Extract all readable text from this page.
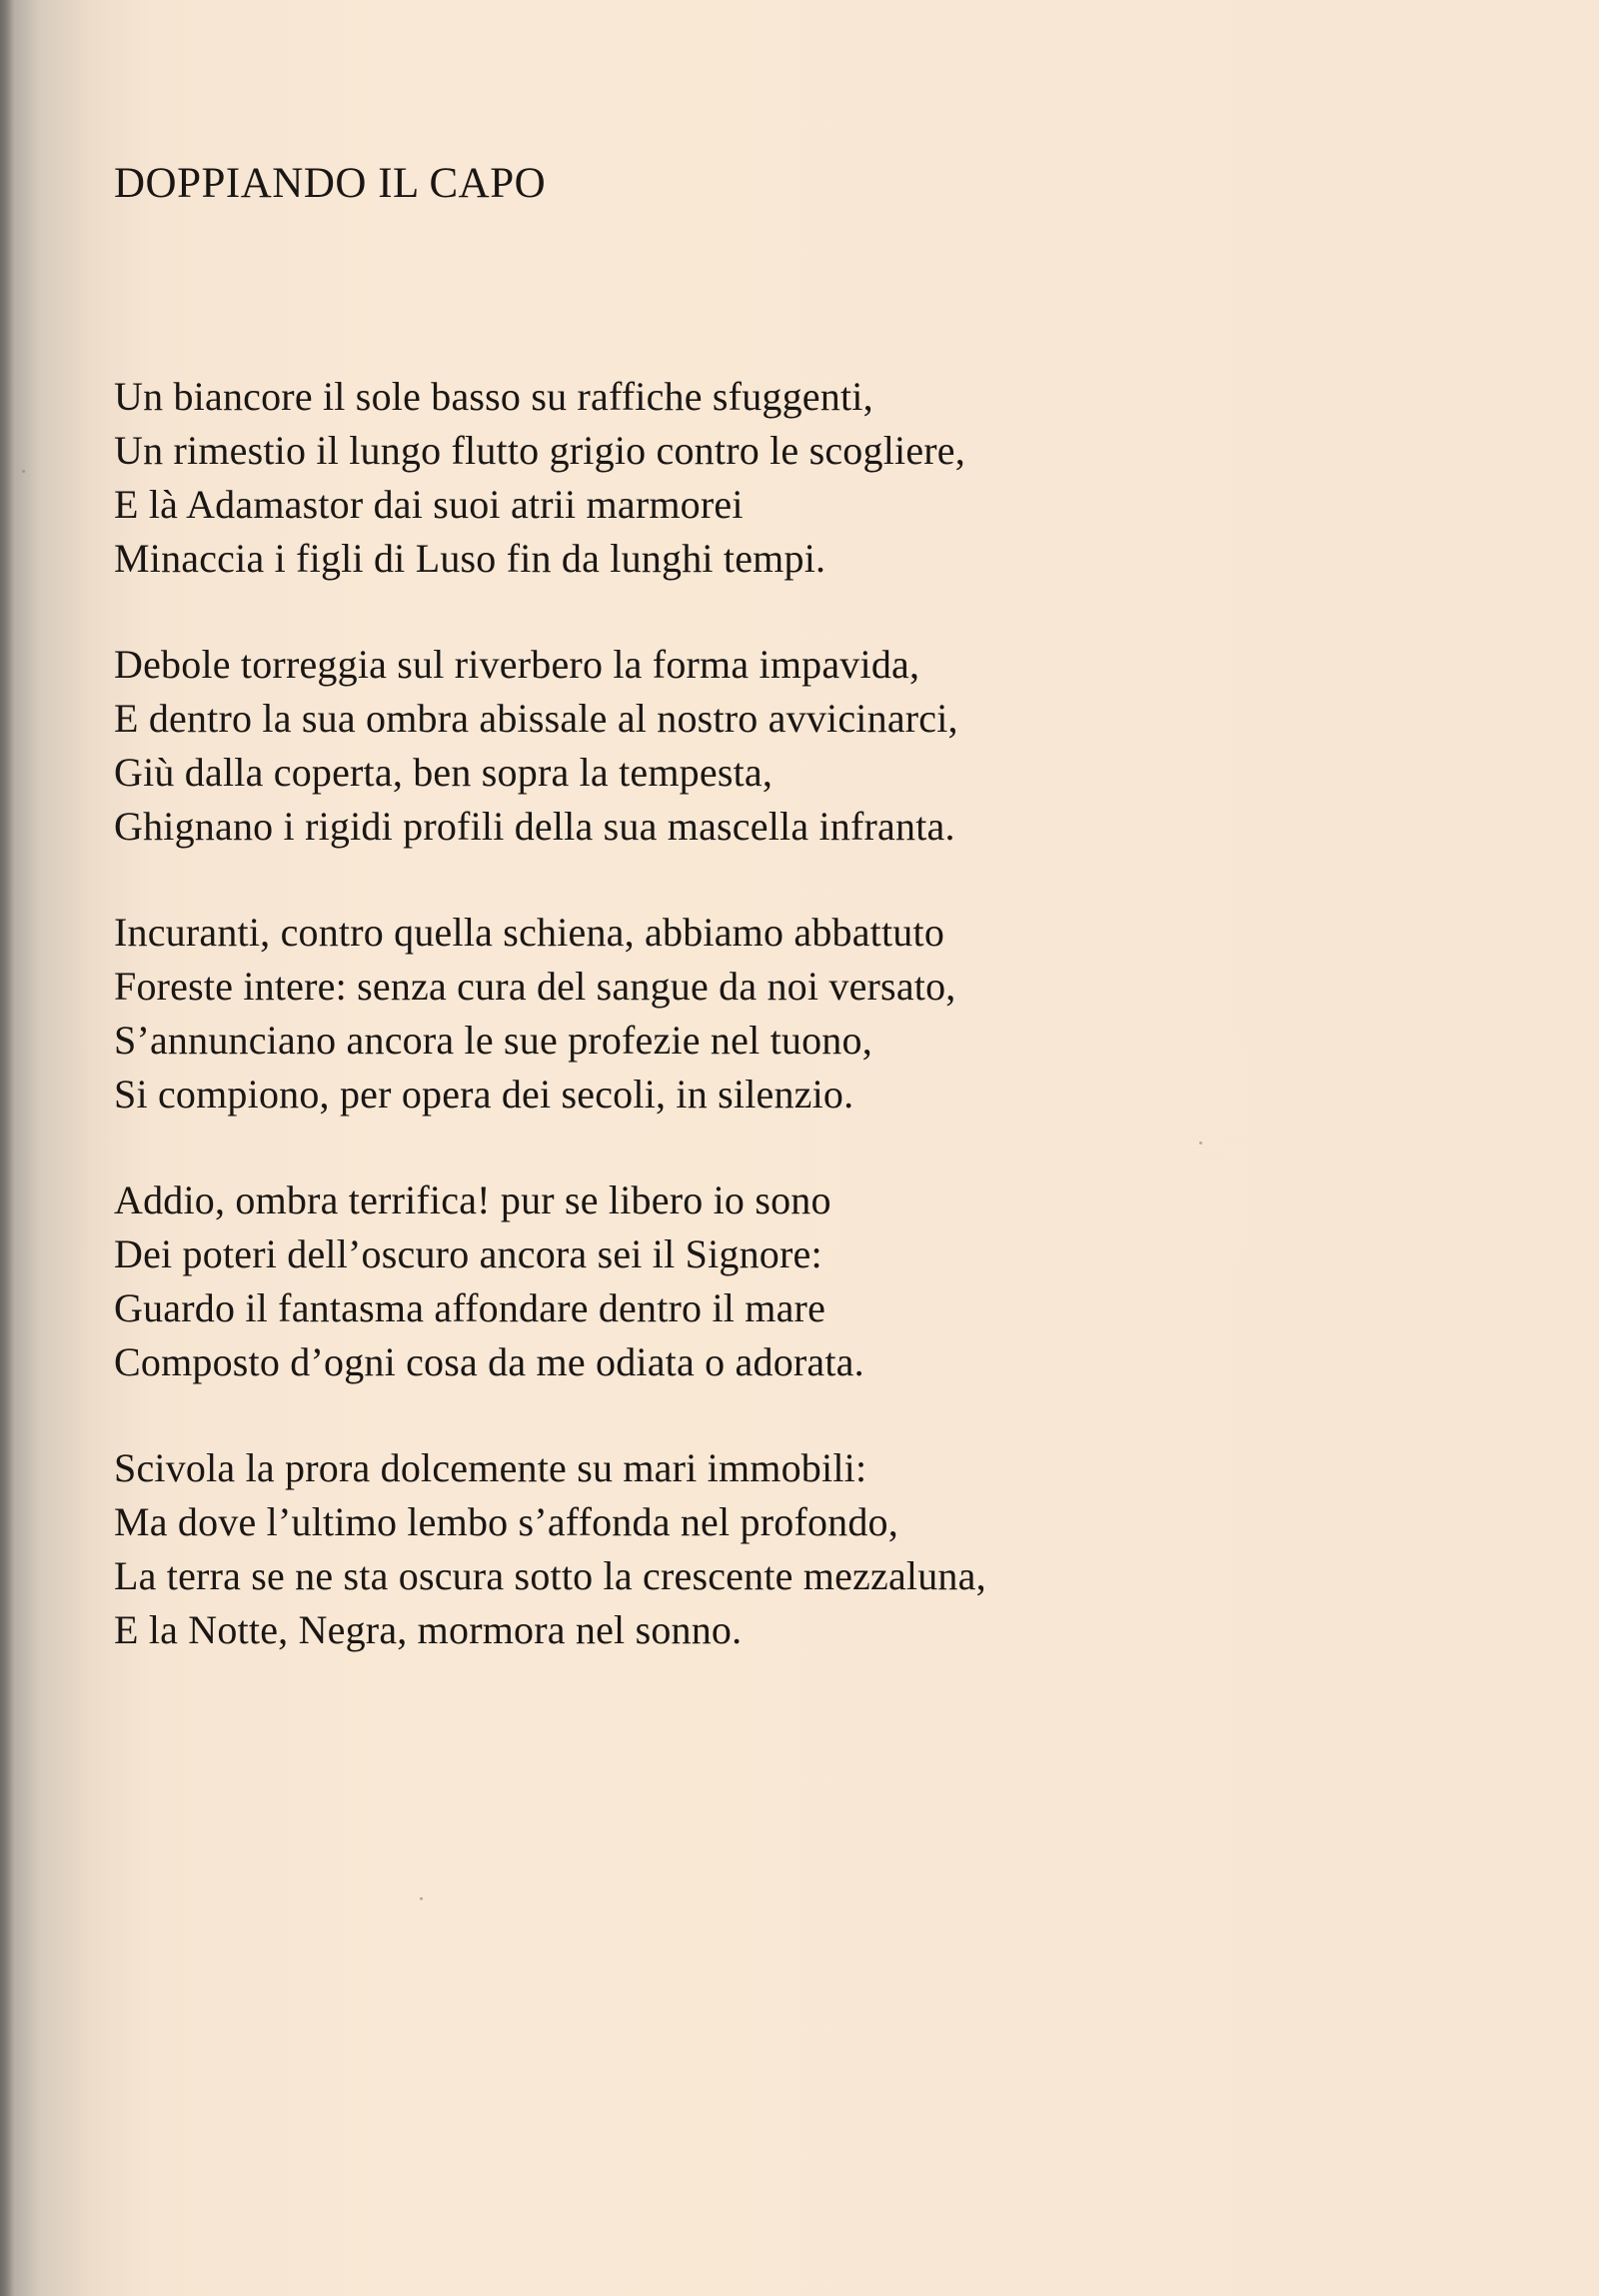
DOPPIANDO IL CAPO
Un biancore il sole basso su raffiche sfuggenti,
Un rimestio il lungo flutto grigio contro le scogliere,
E là Adamastor dai suoi atrii marmorei
Minaccia i figli di Luso fin da lunghi tempi.
Debole torreggia sul riverbero la forma impavida,
E dentro la sua ombra abissale al nostro avvicinarci,
Giù dalla coperta, ben sopra la tempesta,
Ghignano i rigidi profili della sua mascella infranta.
Incuranti, contro quella schiena, abbiamo abbattuto
Foreste intere: senza cura del sangue da noi versato,
S’annunciano ancora le sue profezie nel tuono,
Si compiono, per opera dei secoli, in silenzio.
Addio, ombra terrifica! pur se libero io sono
Dei poteri dell’oscuro ancora sei il Signore:
Guardo il fantasma affondare dentro il mare
Composto d’ogni cosa da me odiata o adorata.
Scivola la prora dolcemente su mari immobili:
Ma dove l’ultimo lembo s’affonda nel profondo,
La terra se ne sta oscura sotto la crescente mezzaluna,
E la Notte, Negra, mormora nel sonno.
